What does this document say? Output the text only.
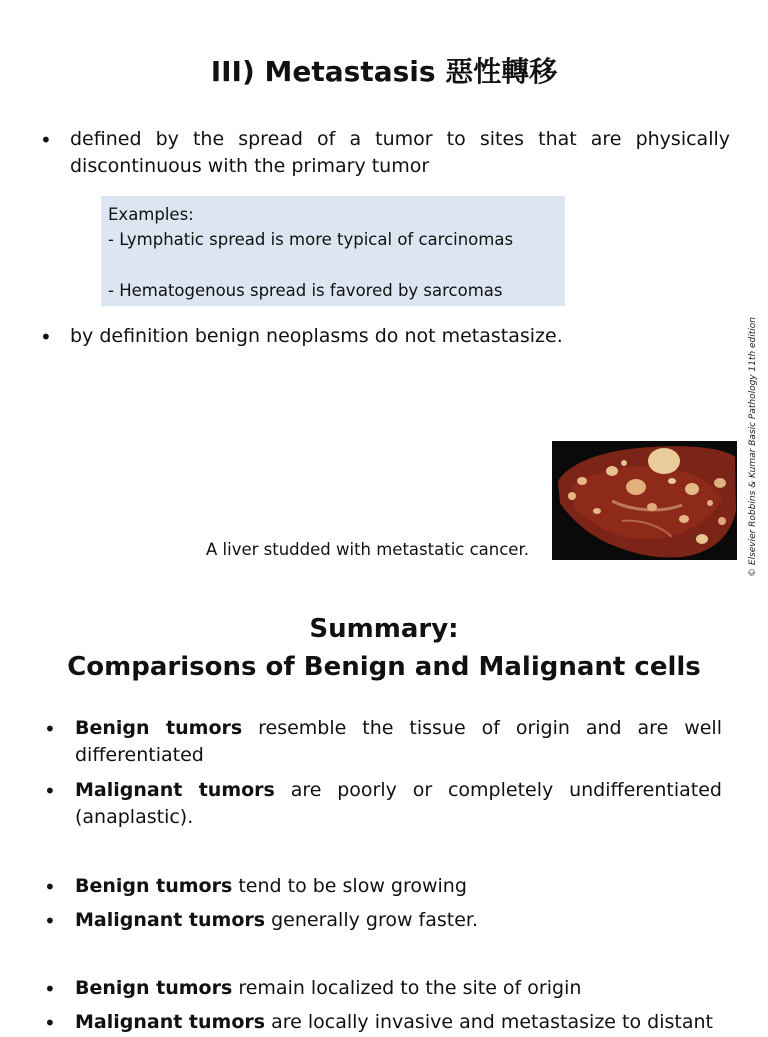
III) Metastasis 惡性轉移
• defined by the spread of a tumor to sites that are physically discontinuous with the primary tumor
Examples:
- Lymphatic spread is more typical of carcinomas
- Hematogenous spread is favored by sarcomas
• by definition benign neoplasms do not metastasize.
A liver studded with metastatic cancer.	© Elsevier Robbins & Kumar Basic Pathology 11th edition
Summary:
Comparisons of Benign and Malignant cells
• Benign tumors resemble the tissue of origin and are well differentiated
• Malignant tumors are poorly or completely undifferentiated (anaplastic).
• Benign tumors tend to be slow growing
• Malignant tumors generally grow faster.
• Benign tumors remain localized to the site of origin
• Malignant tumors are locally invasive and metastasize to distant
